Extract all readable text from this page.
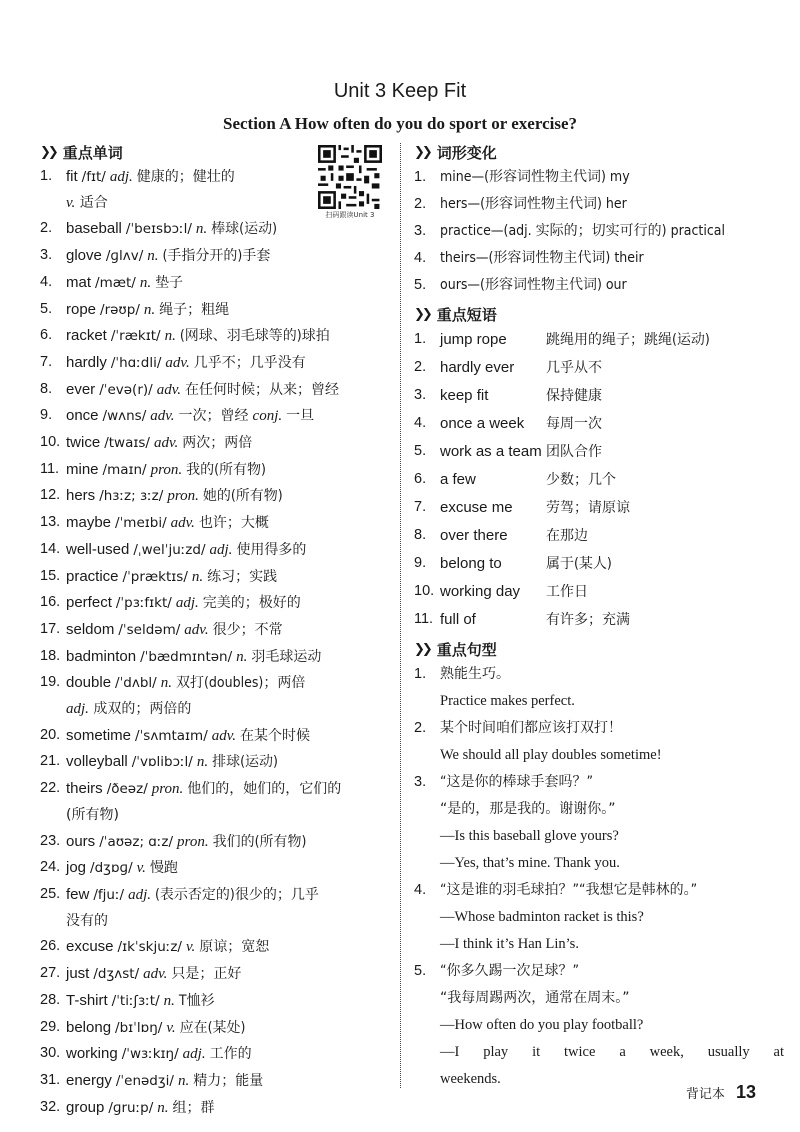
Unit 3 Keep Fit
Section A How often do you do sport or exercise?
扫码跟读Unit 3
❯❯ 重点单词
1. fit /fɪt/ adj. 健康的；健壮的
v. 适合
2. baseball /ˈbeɪsbɔːl/ n. 棒球(运动)
3. glove /ɡlʌv/ n. (手指分开的)手套
4. mat /mæt/ n. 垫子
5. rope /rəʊp/ n. 绳子；粗绳
6. racket /ˈrækɪt/ n. (网球、羽毛球等的)球拍
7. hardly /ˈhɑːdli/ adv. 几乎不；几乎没有
8. ever /ˈevə(r)/ adv. 在任何时候；从来；曾经
9. once /wʌns/ adv. 一次；曾经 conj. 一旦
10. twice /twaɪs/ adv. 两次；两倍
11. mine /maɪn/ pron. 我的(所有物)
12. hers /hɜːz; ɜːz/ pron. 她的(所有物)
13. maybe /ˈmeɪbi/ adv. 也许；大概
14. well-used /ˌwelˈjuːzd/ adj. 使用得多的
15. practice /ˈpræktɪs/ n. 练习；实践
16. perfect /ˈpɜːfɪkt/ adj. 完美的；极好的
17. seldom /ˈseldəm/ adv. 很少；不常
18. badminton /ˈbædmɪntən/ n. 羽毛球运动
19. double /ˈdʌbl/ n. 双打(doubles)；两倍
adj. 成双的；两倍的
20. sometime /ˈsʌmtaɪm/ adv. 在某个时候
21. volleyball /ˈvɒlibɔːl/ n. 排球(运动)
22. theirs /ðeəz/ pron. 他们的，她们的，它们的
(所有物)
23. ours /ˈaʊəz; ɑːz/ pron. 我们的(所有物)
24. jog /dʒɒɡ/ v. 慢跑
25. few /fjuː/ adj. (表示否定的)很少的；几乎
没有的
26. excuse /ɪkˈskjuːz/ v. 原谅；宽恕
27. just /dʒʌst/ adv. 只是；正好
28. T-shirt /ˈtiːʃɜːt/ n. T恤衫
29. belong /bɪˈlɒŋ/ v. 应在(某处)
30. working /ˈwɜːkɪŋ/ adj. 工作的
31. energy /ˈenədʒi/ n. 精力；能量
32. group /ɡruːp/ n. 组；群
❯❯ 词形变化
1. mine—(形容词性物主代词) my
2. hers—(形容词性物主代词) her
3. practice—(adj. 实际的；切实可行的) practical
4. theirs—(形容词性物主代词) their
5. ours—(形容词性物主代词) our
❯❯ 重点短语
1. jump rope	跳绳用的绳子；跳绳(运动)
2. hardly ever 几乎从不
3. keep fit	保持健康
4. once a week 每周一次
5. work as a team 团队合作
6. a few	少数；几个
7. excuse me 劳驾；请原谅
8. over there	在那边
9. belong to	属于(某人)
10. working day 工作日
11. full of	有许多；充满
❯❯ 重点句型
1. 熟能生巧。
Practice makes perfect.
2. 某个时间咱们都应该打双打！
We should all play doubles sometime!
3. “这是你的棒球手套吗？”
“是的，那是我的。谢谢你。”
—Is this baseball glove yours?
—Yes, that’s mine. Thank you.
4. “这是谁的羽毛球拍？”“我想它是韩林的。”
—Whose badminton racket is this?
—I think it’s Han Lin’s.
5. “你多久踢一次足球？”
“我每周踢两次，通常在周末。”
—How often do you play football?
—I play it twice a week, usually at
weekends.
背记本 13
